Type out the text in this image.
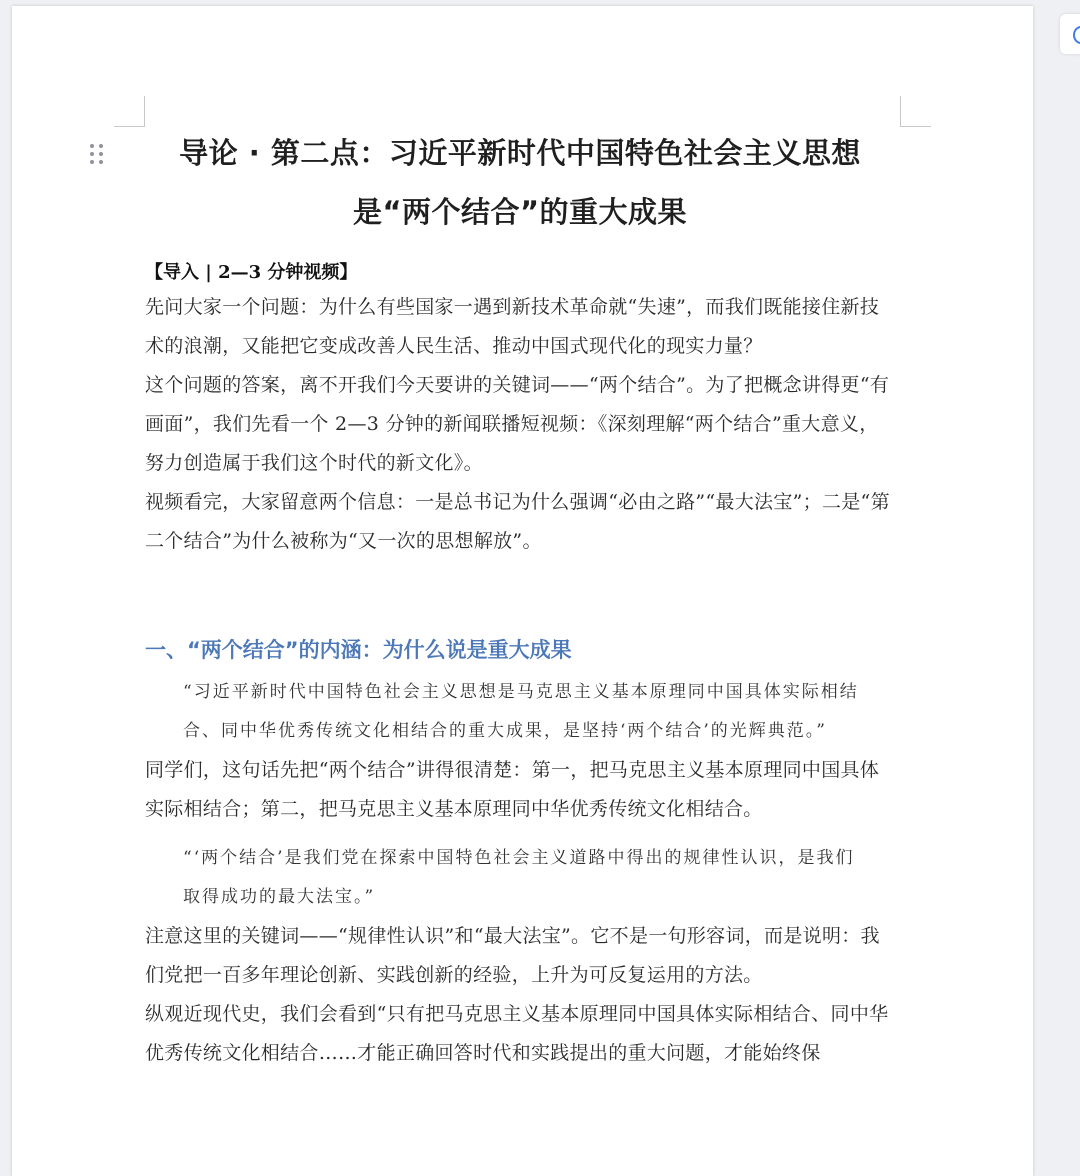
导论 · 第二点：习近平新时代中国特色社会主义思想是“两个结合”的重大成果
【导入 | 2—3 分钟视频】

先问大家一个问题：为什么有些国家一遇到新技术革命就“失速”，而我们既能接住新技术的浪潮，又能把它变成改善人民生活、推动中国式现代化的现实力量？

这个问题的答案，离不开我们今天要讲的关键词——“两个结合”。为了把概念讲得更“有画面”，我们先看一个 2—3 分钟的新闻联播短视频：《深刻理解“两个结合”重大意义，努力创造属于我们这个时代的新文化》。

视频看完，大家留意两个信息：一是总书记为什么强调“必由之路”“最大法宝”；二是“第二个结合”为什么被称为“又一次的思想解放”。

一、“两个结合”的内涵：为什么说是重大成果
“习近平新时代中国特色社会主义思想是马克思主义基本原理同中国具体实际相结合、同中华优秀传统文化相结合的重大成果，是坚持‘两个结合’的光辉典范。”

同学们，这句话先把“两个结合”讲得很清楚：第一，把马克思主义基本原理同中国具体实际相结合；第二，把马克思主义基本原理同中华优秀传统文化相结合。

“‘两个结合’是我们党在探索中国特色社会主义道路中得出的规律性认识，是我们取得成功的最大法宝。”

注意这里的关键词——“规律性认识”和“最大法宝”。它不是一句形容词，而是说明：我们党把一百多年理论创新、实践创新的经验，上升为可反复运用的方法。

纵观近现代史，我们会看到“只有把马克思主义基本原理同中国具体实际相结合、同中华优秀传统文化相结合……才能正确回答时代和实践提出的重大问题，才能始终保
